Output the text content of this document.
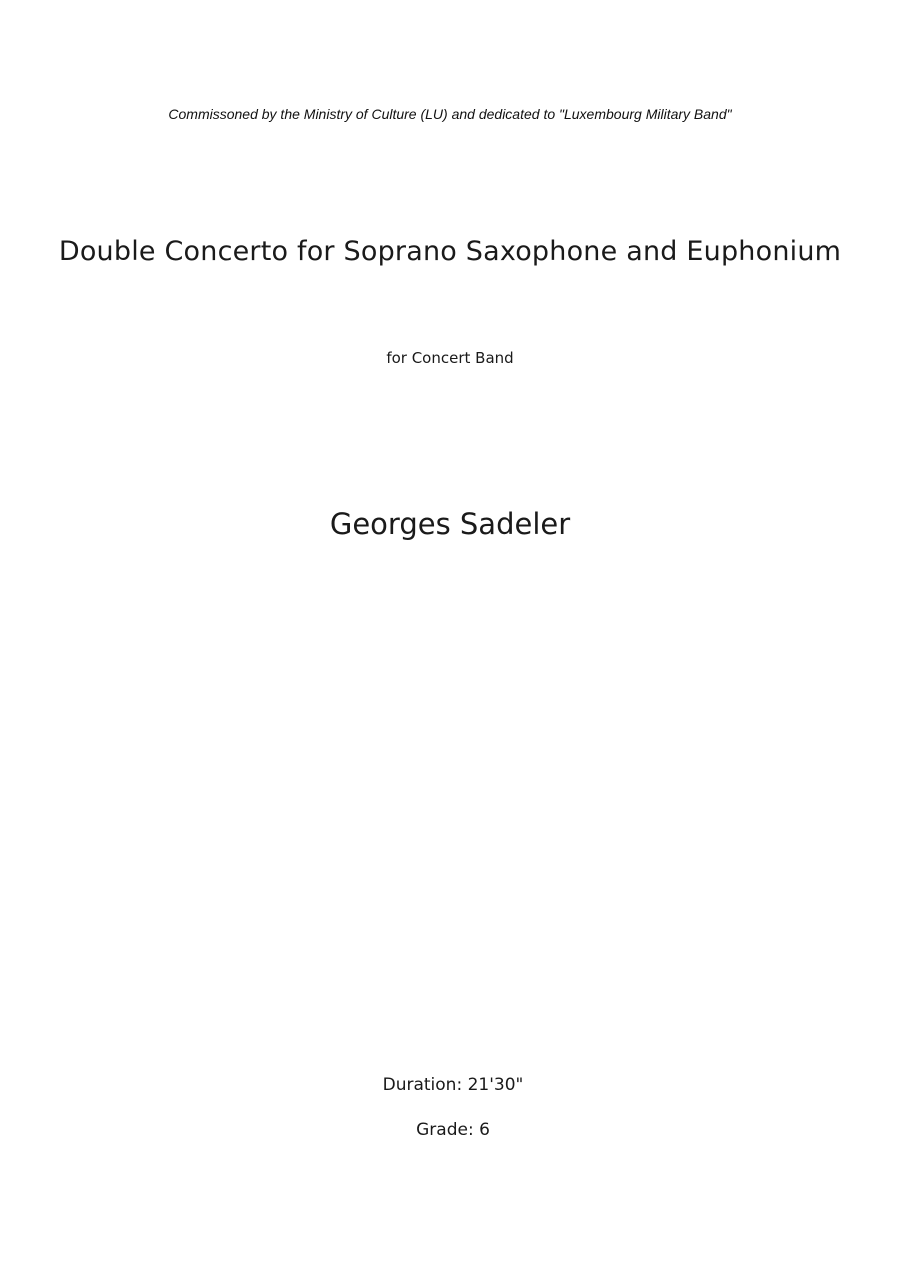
Commissoned by the Ministry of Culture (LU) and dedicated to "Luxembourg Military Band"
Double Concerto for Soprano Saxophone and Euphonium
for Concert Band
Georges Sadeler
Duration: 21'30"
Grade: 6
